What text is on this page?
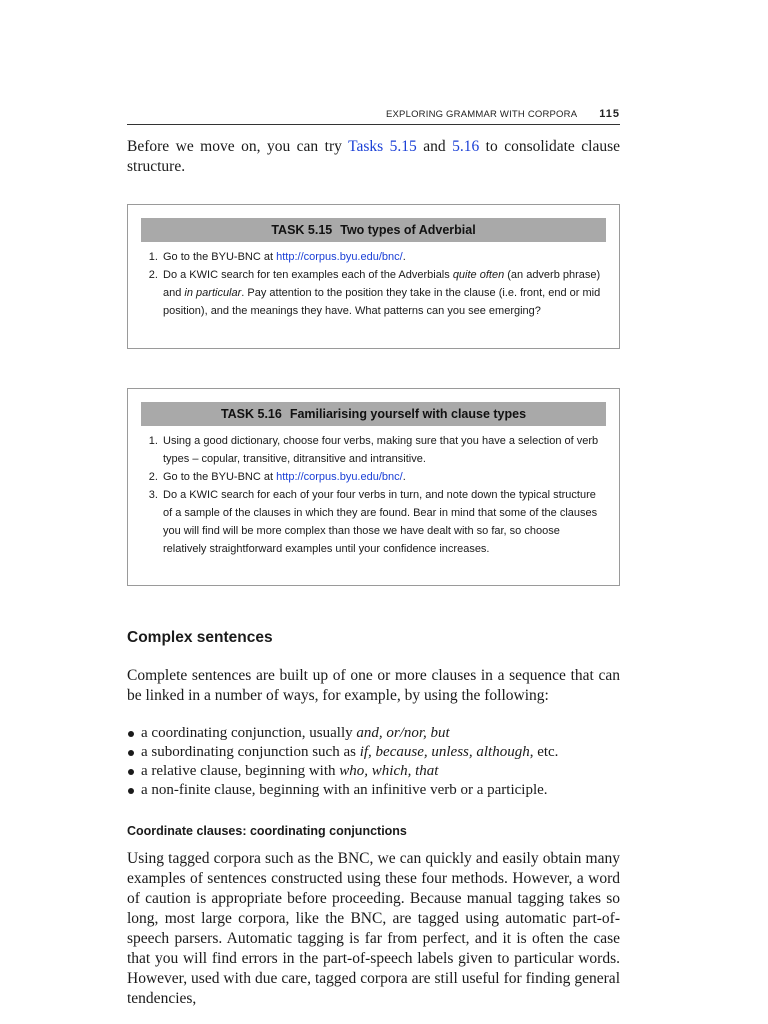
EXPLORING GRAMMAR WITH CORPORA 115

Before we move on, you can try Tasks 5.15 and 5.16 to consolidate clause structure.

TASK 5.15 Two types of Adverbial
1. Go to the BYU-BNC at http://corpus.byu.edu/bnc/.
2. Do a KWIC search for ten examples each of the Adverbials quite often (an adverb phrase) and in particular. Pay attention to the position they take in the clause (i.e. front, end or mid position), and the meanings they have. What patterns can you see emerging?
TASK 5.16 Familiarising yourself with clause types
1. Using a good dictionary, choose four verbs, making sure that you have a selection of verb types – copular, transitive, ditransitive and intransitive.
2. Go to the BYU-BNC at http://corpus.byu.edu/bnc/.
3. Do a KWIC search for each of your four verbs in turn, and note down the typical structure of a sample of the clauses in which they are found. Bear in mind that some of the clauses you will find will be more complex than those we have dealt with so far, so choose relatively straightforward examples until your confidence increases.
Complex sentences

Complete sentences are built up of one or more clauses in a sequence that can be linked in a number of ways, for example, by using the following:

a coordinating conjunction, usually and, or/nor, but
a subordinating conjunction such as if, because, unless, although, etc.
a relative clause, beginning with who, which, that
a non-finite clause, beginning with an infinitive verb or a participle.
Coordinate clauses: coordinating conjunctions

Using tagged corpora such as the BNC, we can quickly and easily obtain many examples of sentences constructed using these four methods. However, a word of caution is appropriate before proceeding. Because manual tagging takes so long, most large corpora, like the BNC, are tagged using automatic part-of-speech parsers. Automatic tagging is far from perfect, and it is often the case that you will find errors in the part-of-speech labels given to particular words. However, used with due care, tagged corpora are still useful for finding general tendencies,
